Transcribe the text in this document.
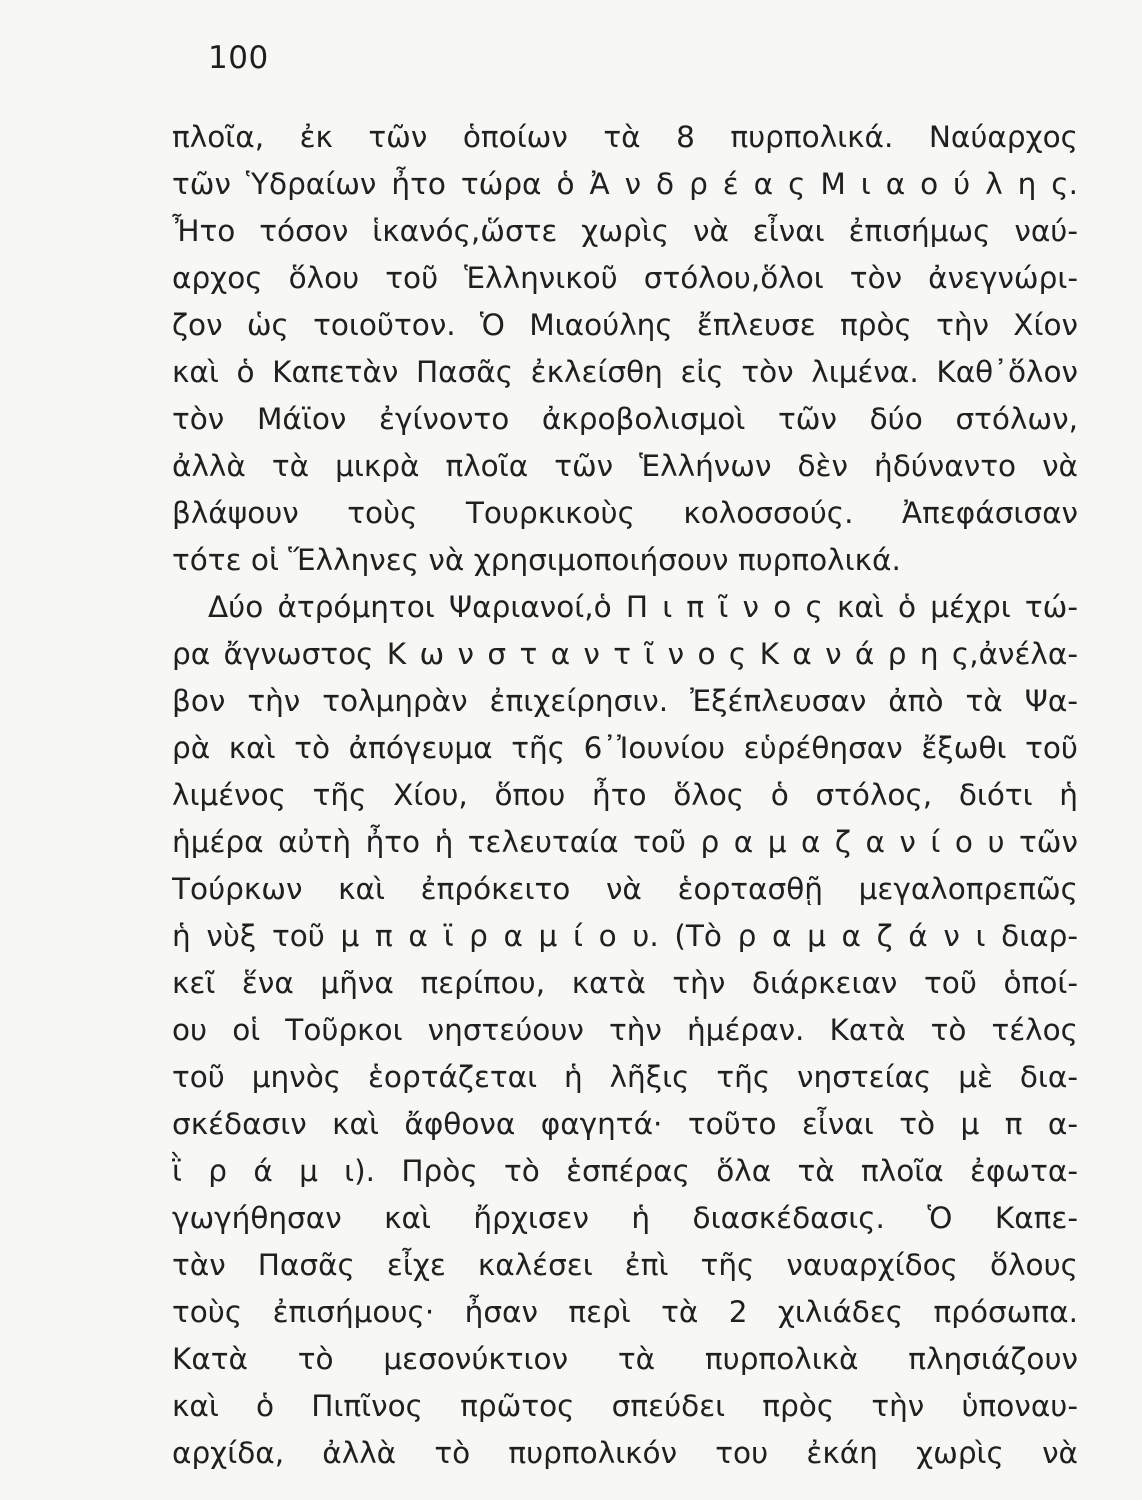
100
πλοῖα, ἐκ τῶν ὁποίων τὰ 8 πυρπολικά. Ναύαρχος
τῶν Ὑδραίων ἦτο τώρα ὁ Ἀ ν δ ρ έ α ς Μ ι α ο ύ λ η ς.
Ἦτο τόσον ἱκανός,ὥστε χωρὶς νὰ εἶναι ἐπισήμως ναύ-
αρχος ὅλου τοῦ Ἑλληνικοῦ στόλου,ὅλοι τὸν ἀνεγνώρι-
ζον ὡς τοιοῦτον. Ὁ Μιαούλης ἔπλευσε πρὸς τὴν Χίον
καὶ ὁ Καπετὰν Πασᾶς ἐκλείσθη εἰς τὸν λιμένα. Καθ᾽ὅλον
τὸν Μάϊον ἐγίνοντο ἀκροβολισμοὶ τῶν δύο στόλων,
ἀλλὰ τὰ μικρὰ πλοῖα τῶν Ἑλλήνων δὲν ἠδύναντο νὰ
βλάψουν τοὺς Τουρκικοὺς κολοσσούς. Ἀπεφάσισαν
τότε οἱ Ἕλληνες νὰ χρησιμοποιήσουν πυρπολικά.
Δύο ἀτρόμητοι Ψαριανοί,ὁ Π ι π ῖ ν ο ς καὶ ὁ μέχρι τώ-
ρα ἄγνωστος Κ ω ν σ τ α ν τ ῖ ν ο ς Κ α ν ά ρ η ς,ἀνέλα-
βον τὴν τολμηρὰν ἐπιχείρησιν. Ἐξέπλευσαν ἀπὸ τὰ Ψα-
ρὰ καὶ τὸ ἀπόγευμα τῆς 6᾽Ἰουνίου εὑρέθησαν ἔξωθι τοῦ
λιμένος τῆς Χίου, ὅπου ἦτο ὅλος ὁ στόλος, διότι ἡ
ἡμέρα αὐτὴ ἦτο ἡ τελευταία τοῦ ρ α μ α ζ α ν ί ο υ τῶν
Τούρκων καὶ ἐπρόκειτο νὰ ἑορτασθῇ μεγαλοπρεπῶς
ἡ νὺξ τοῦ μ π α ϊ ρ α μ ί ο υ. (Τὸ ρ α μ α ζ ά ν ι διαρ-
κεῖ ἕνα μῆνα περίπου, κατὰ τὴν διάρκειαν τοῦ ὁποί-
ου οἱ Τοῦρκοι νηστεύουν τὴν ἡμέραν. Κατὰ τὸ τέλος
τοῦ μηνὸς ἑορτάζεται ἡ λῆξις τῆς νηστείας μὲ δια-
σκέδασιν καὶ ἄφθονα φαγητά· τοῦτο εἶναι τὸ μ π α-
ῒ ρ ά μ ι). Πρὸς τὸ ἑσπέρας ὅλα τὰ πλοῖα ἐφωτα-
γωγήθησαν καὶ ἤρχισεν ἡ διασκέδασις. Ὁ Καπε-
τὰν Πασᾶς εἶχε καλέσει ἐπὶ τῆς ναυαρχίδος ὅλους
τοὺς ἐπισήμους· ἦσαν περὶ τὰ 2 χιλιάδες πρόσωπα.
Κατὰ τὸ μεσονύκτιον τὰ πυρπολικὰ πλησιάζουν
καὶ ὁ Πιπῖνος πρῶτος σπεύδει πρὸς τὴν ὑποναυ-
αρχίδα, ἀλλὰ τὸ πυρπολικόν του ἐκάη χωρὶς νὰ
